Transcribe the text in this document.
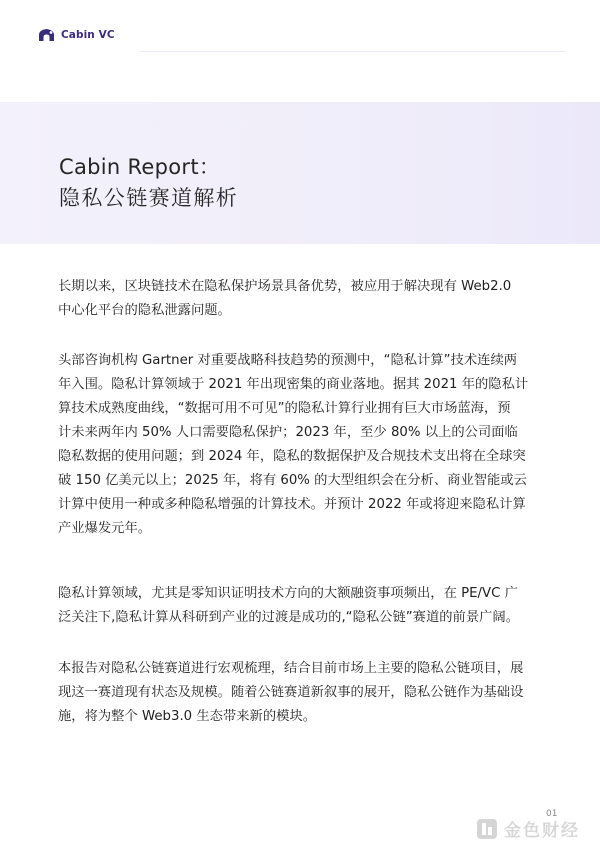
Cabin VC
Cabin Report：
隐私公链赛道解析
长期以来，区块链技术在隐私保护场景具备优势，被应用于解决现有 Web2.0
中心化平台的隐私泄露问题。
头部咨询机构 Gartner 对重要战略科技趋势的预测中，“隐私计算”技术连续两
年入围。隐私计算领域于 2021 年出现密集的商业落地。据其 2021 年的隐私计
算技术成熟度曲线，“数据可用不可见”的隐私计算行业拥有巨大市场蓝海，预
计未来两年内 50% 人口需要隐私保护；2023 年，至少 80% 以上的公司面临
隐私数据的使用问题；到 2024 年，隐私的数据保护及合规技术支出将在全球突
破 150 亿美元以上；2025 年，将有 60% 的大型组织会在分析、商业智能或云
计算中使用一种或多种隐私增强的计算技术。并预计 2022 年或将迎来隐私计算
产业爆发元年。
隐私计算领域，尤其是零知识证明技术方向的大额融资事项频出，在 PE/VC 广
泛关注下,隐私计算从科研到产业的过渡是成功的,“隐私公链”赛道的前景广阔。
本报告对隐私公链赛道进行宏观梳理，结合目前市场上主要的隐私公链项目，展
现这一赛道现有状态及规模。随着公链赛道新叙事的展开，隐私公链作为基础设
施，将为整个 Web3.0 生态带来新的模块。
01
金色财经
